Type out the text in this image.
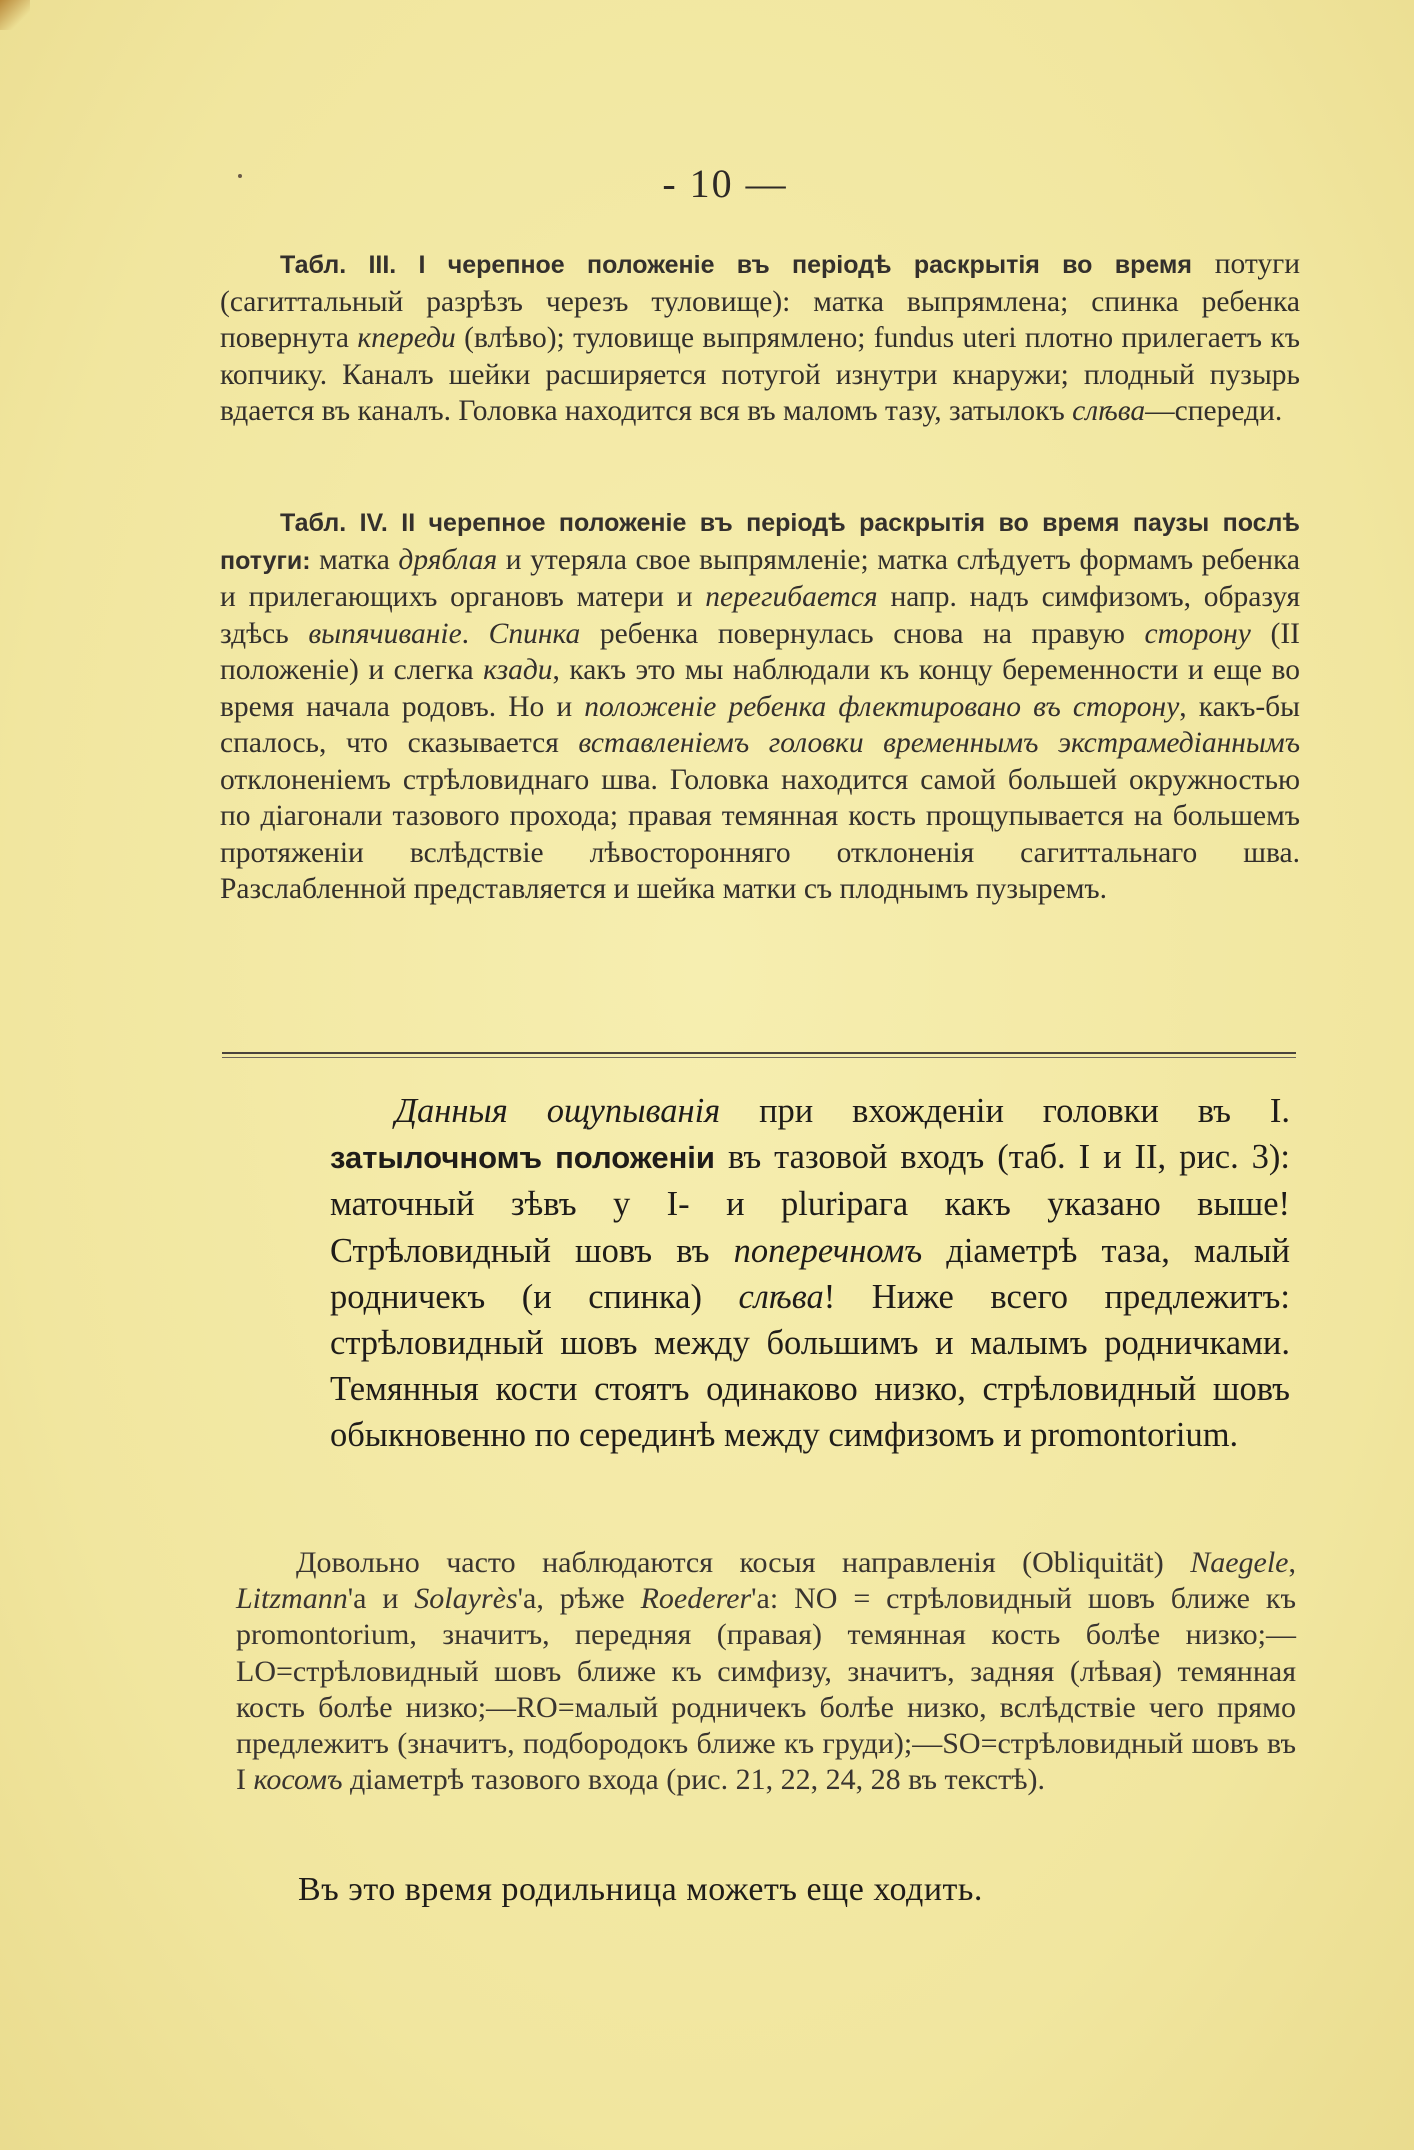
- 10 —

Табл. III. I черепное положеніе въ періодѣ раскрытія во время потуги (сагиттальный разрѣзъ черезъ туловище): матка выпрямлена; спинка ребенка повернута кпереди (влѣво); туловище выпрямлено; fundus uteri плотно прилегаетъ къ копчику. Каналъ шейки расширяется потугой изнутри кнаружи; плодный пузырь вдается въ каналъ. Головка находится вся въ маломъ тазу, затылокъ слѣва—спереди.

Табл. IV. II черепное положеніе въ періодѣ раскрытія во время паузы послѣ потуги: матка дряблая и утеряла свое выпрямленіе; матка слѣдуетъ формамъ ребенка и прилегающихъ органовъ матери и перегибается напр. надъ симфизомъ, образуя здѣсь выпячиваніе. Спинка ребенка повернулась снова на правую сторону (II положеніе) и слегка кзади, какъ это мы наблюдали къ концу беременности и еще во время начала родовъ. Но и положеніе ребенка флектировано въ сторону, какъ-бы спалось, что сказывается вставленіемъ головки временнымъ экстрамедіаннымъ отклоненіемъ стрѣловиднаго шва. Головка находится самой большей окружностью по діагонали тазового прохода; правая темянная кость прощупывается на большемъ протяженіи вслѣдствіе лѣвосторонняго отклоненія сагиттальнаго шва. Разслабленной представляется и шейка матки съ плоднымъ пузыремъ.

Данныя ощупыванія при вхожденіи головки въ I. затылочномъ положеніи въ тазовой входъ (таб. I и II, рис. 3): маточный зѣвъ у I- и plurірага какъ указано выше! Стрѣловидный шовъ въ поперечномъ діаметрѣ таза, малый родничекъ (и спинка) слѣва! Ниже всего предлежитъ: стрѣловидный шовъ между большимъ и малымъ родничками. Темянныя кости стоятъ одинаково низко, стрѣловидный шовъ обыкновенно по серединѣ между симфизомъ и promontorium.

Довольно часто наблюдаются косыя направленія (Obliquität) Naegele, Litzmann'а и Solayrès'а, рѣже Roederer'а: NO = стрѣловидный шовъ ближе къ promontorium, значитъ, передняя (правая) темянная кость болѣе низко;—LO=стрѣловидный шовъ ближе къ симфизу, значитъ, задняя (лѣвая) темянная кость болѣе низко;—RO=малый родничекъ болѣе низко, вслѣдствіе чего прямо предлежитъ (значитъ, подбородокъ ближе къ груди);—SO=стрѣловидный шовъ въ I косомъ діаметрѣ тазового входа (рис. 21, 22, 24, 28 въ текстѣ).

Въ это время родильница можетъ еще ходить.
